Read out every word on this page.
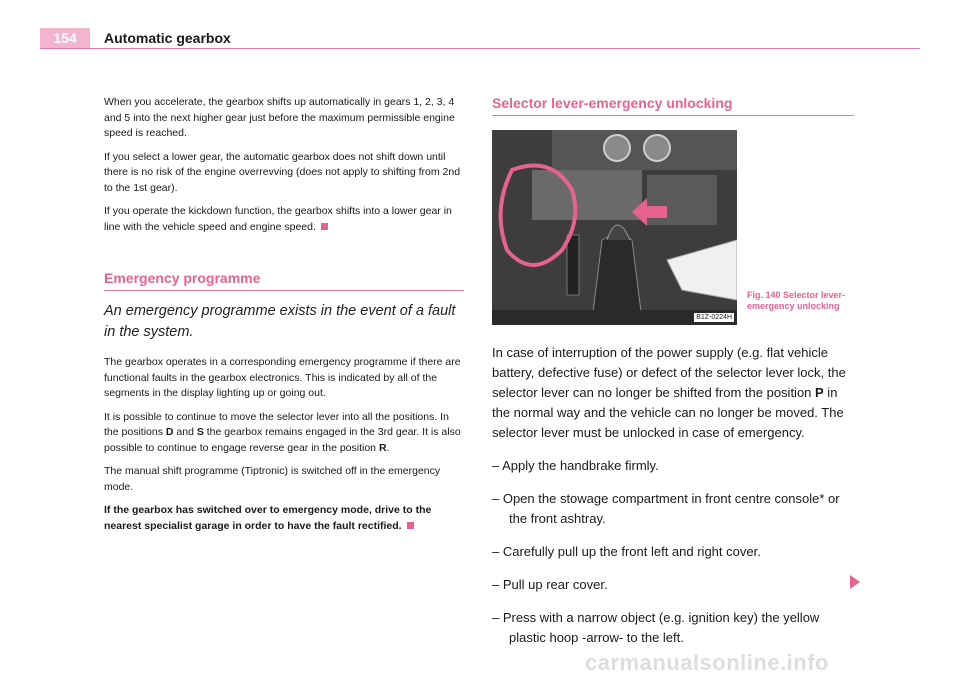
154	Automatic gearbox

When you accelerate, the gearbox shifts up automatically in gears 1, 2, 3, 4 and 5 into the next higher gear just before the maximum permissible engine speed is reached.

If you select a lower gear, the automatic gearbox does not shift down until there is no risk of the engine overrevving (does not apply to shifting from 2nd to the 1st gear).

If you operate the kickdown function, the gearbox shifts into a lower gear in line with the vehicle speed and engine speed.

Emergency programme
An emergency programme exists in the event of a fault in the system.

The gearbox operates in a corresponding emergency programme if there are functional faults in the gearbox electronics. This is indicated by all of the segments in the display lighting up or going out.

It is possible to continue to move the selector lever into all the positions. In the positions D and S the gearbox remains engaged in the 3rd gear. It is also possible to continue to engage reverse gear in the position R.

The manual shift programme (Tiptronic) is switched off in the emergency mode.

If the gearbox has switched over to emergency mode, drive to the nearest specialist garage in order to have the fault rectified.

Selector lever-emergency unlocking
B1Z-0224H
Fig. 140 Selector lever-emergency unlocking

In case of interruption of the power supply (e.g. flat vehicle battery, defective fuse) or defect of the selector lever lock, the selector lever can no longer be shifted from the position P in the normal way and the vehicle can no longer be moved. The selector lever must be unlocked in case of emergency.

– Apply the handbrake firmly.

– Open the stowage compartment in front centre console* or the front ashtray.

– Carefully pull up the front left and right cover.

– Pull up rear cover.

– Press with a narrow object (e.g. ignition key) the yellow plastic hoop -arrow- to the left.

carmanualsonline.info
